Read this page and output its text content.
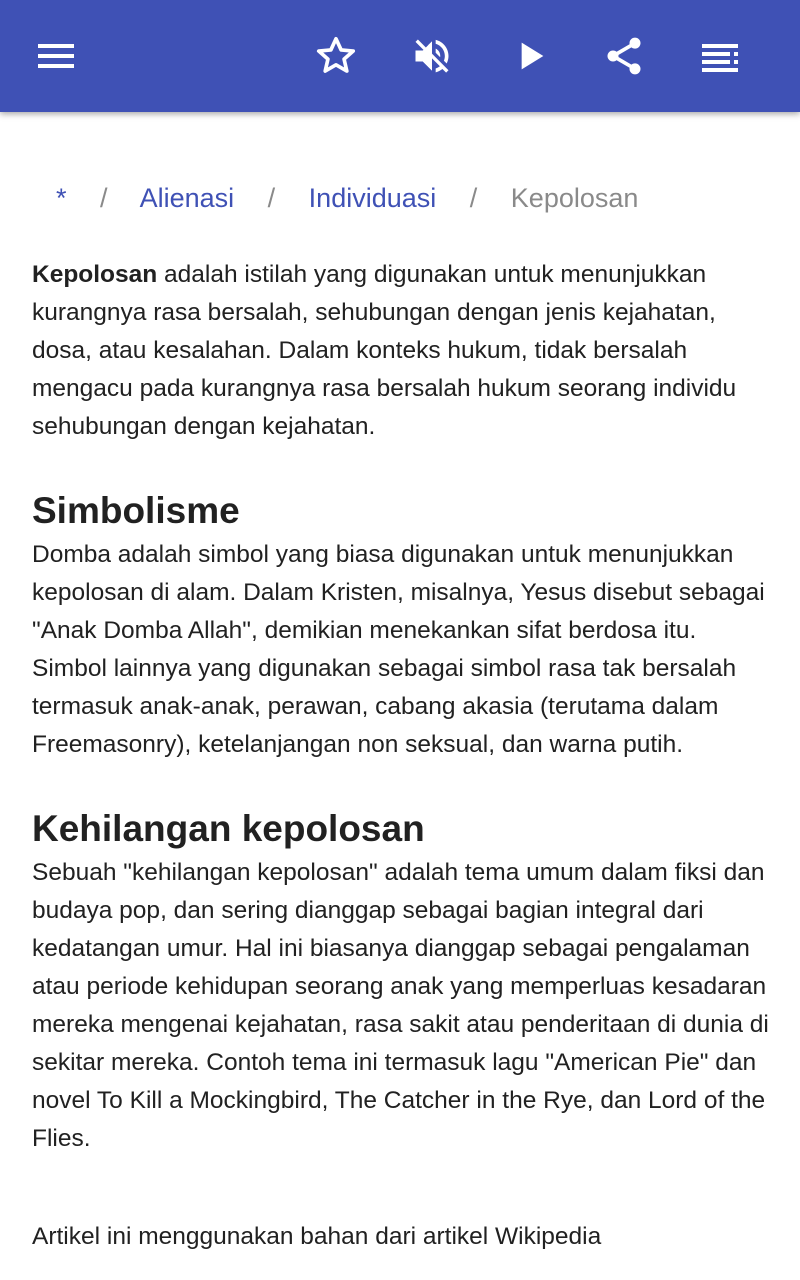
* / Alienasi / Individuasi / Kepolosan

Kepolosan adalah istilah yang digunakan untuk menunjukkan kurangnya rasa bersalah, sehubungan dengan jenis kejahatan, dosa, atau kesalahan. Dalam konteks hukum, tidak bersalah mengacu pada kurangnya rasa bersalah hukum seorang individu sehubungan dengan kejahatan.

Simbolisme

Domba adalah simbol yang biasa digunakan untuk menunjukkan kepolosan di alam. Dalam Kristen, misalnya, Yesus disebut sebagai "Anak Domba Allah", demikian menekankan sifat berdosa itu. Simbol lainnya yang digunakan sebagai simbol rasa tak bersalah termasuk anak-anak, perawan, cabang akasia (terutama dalam Freemasonry), ketelanjangan non seksual, dan warna putih.

Kehilangan kepolosan

Sebuah "kehilangan kepolosan" adalah tema umum dalam fiksi dan budaya pop, dan sering dianggap sebagai bagian integral dari kedatangan umur. Hal ini biasanya dianggap sebagai pengalaman atau periode kehidupan seorang anak yang memperluas kesadaran mereka mengenai kejahatan, rasa sakit atau penderitaan di dunia di sekitar mereka. Contoh tema ini termasuk lagu "American Pie" dan novel To Kill a Mockingbird, The Catcher in the Rye, dan Lord of the Flies.

Artikel ini menggunakan bahan dari artikel Wikipedia
